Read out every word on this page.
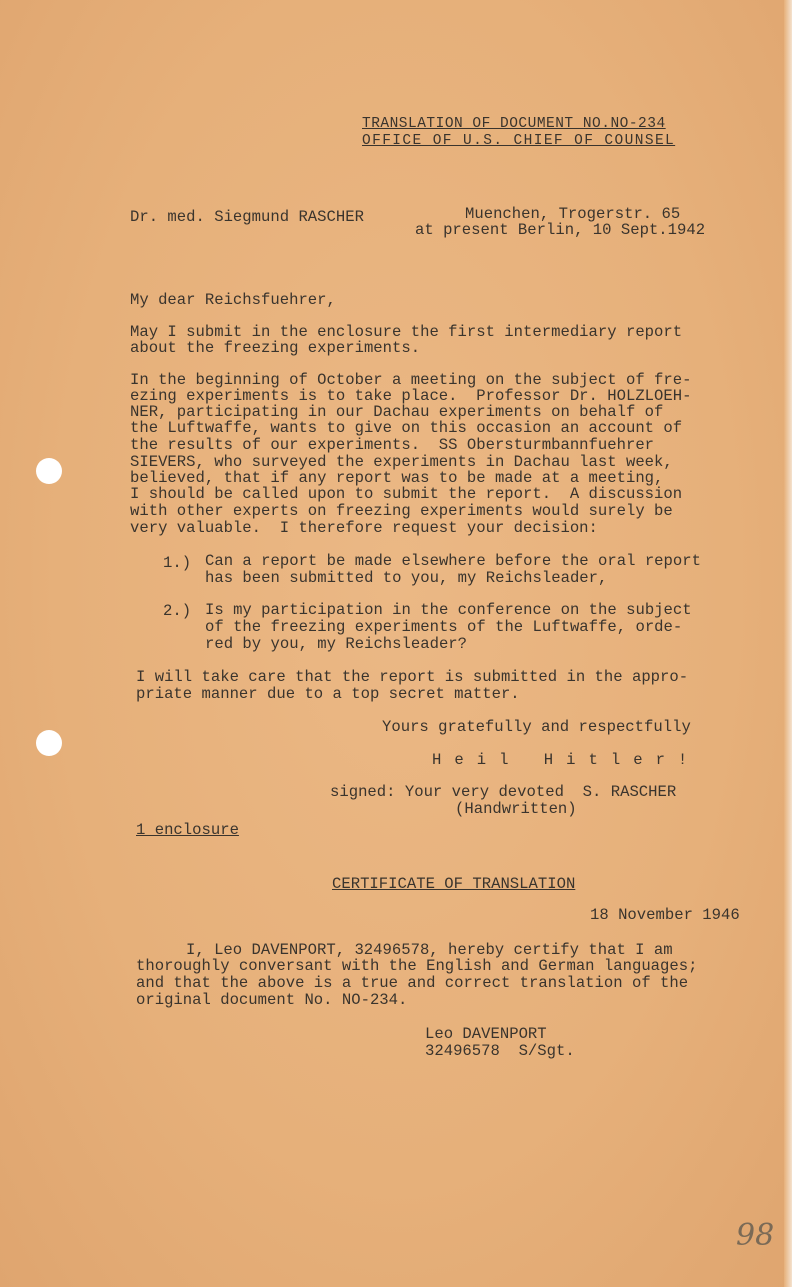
TRANSLATION OF DOCUMENT NO.NO-234
OFFICE OF U.S. CHIEF OF COUNSEL
Dr. med. Siegmund RASCHER	Muenchen, Trogerstr. 65
at present Berlin, 10 Sept.1942
My dear Reichsfuehrer,
May I submit in the enclosure the first intermediary report
about the freezing experiments.
In the beginning of October a meeting on the subject of fre-
ezing experiments is to take place.  Professor Dr. HOLZLOEH-
NER, participating in our Dachau experiments on behalf of
the Luftwaffe, wants to give on this occasion an account of
the results of our experiments.  SS Obersturmbannfuehrer
SIEVERS, who surveyed the experiments in Dachau last week,
believed, that if any report was to be made at a meeting,
I should be called upon to submit the report.  A discussion
with other experts on freezing experiments would surely be
very valuable.  I therefore request your decision:
1.) Can a report be made elsewhere before the oral report
has been submitted to you, my Reichsleader,
2.) Is my participation in the conference on the subject
of the freezing experiments of the Luftwaffe, orde-
red by you, my Reichsleader?
I will take care that the report is submitted in the appro-
priate manner due to a top secret matter.
Yours gratefully and respectfully
Heil Hitler!
signed: Your very devoted  S. RASCHER
(Handwritten)
1 enclosure
CERTIFICATE OF TRANSLATION
18 November 1946
I, Leo DAVENPORT, 32496578, hereby certify that I am
thoroughly conversant with the English and German languages;
and that the above is a true and correct translation of the
original document No. NO-234.
Leo DAVENPORT
32496578  S/Sgt.
98
